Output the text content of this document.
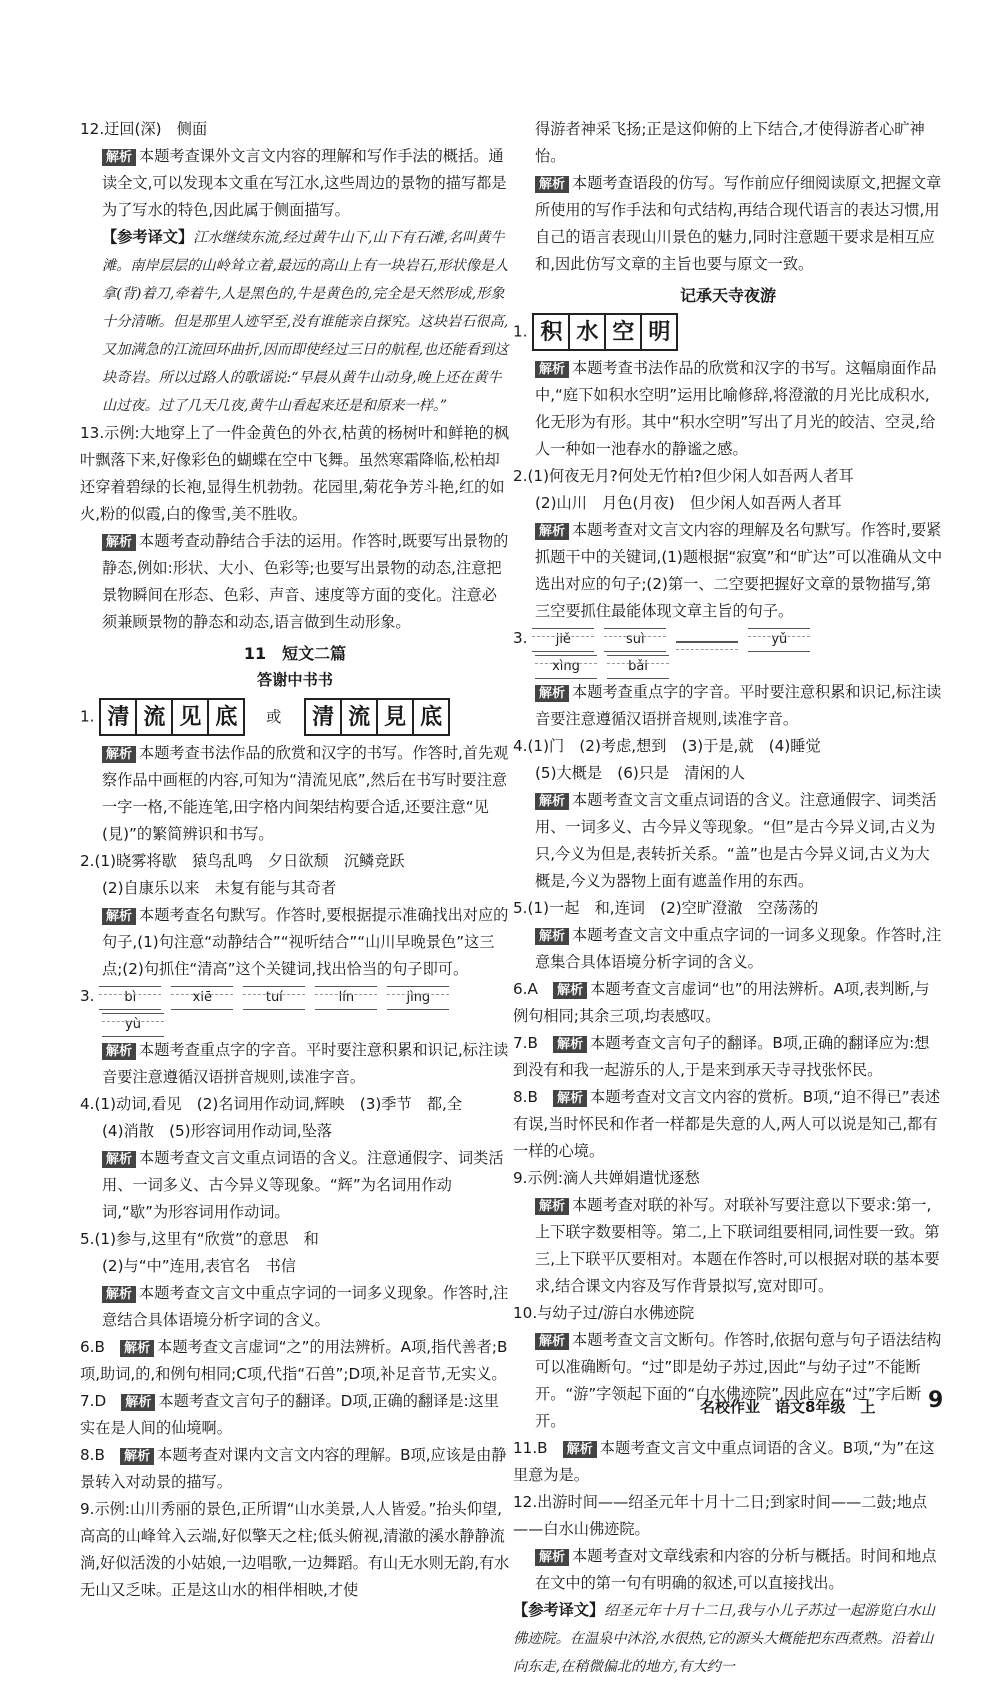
12.迂回(深)　侧面

解析 本题考查课外文言文内容的理解和写作手法的概括。通读全文,可以发现本文重在写江水,这些周边的景物的描写都是为了写水的特色,因此属于侧面描写。

【参考译文】江水继续东流,经过黄牛山下,山下有石滩,名叫黄牛滩。南岸层层的山岭耸立着,最远的高山上有一块岩石,形状像是人拿(背)着刀,牵着牛,人是黑色的,牛是黄色的,完全是天然形成,形象十分清晰。但是那里人迹罕至,没有谁能亲自探究。这块岩石很高,又加满急的江流回环曲折,因而即使经过三日的航程,也还能看到这块奇岩。所以过路人的歌谣说:“早晨从黄牛山动身,晚上还在黄牛山过夜。过了几天几夜,黄牛山看起来还是和原来一样。”

13.示例:大地穿上了一件金黄色的外衣,枯黄的杨树叶和鲜艳的枫叶飘落下来,好像彩色的蝴蝶在空中飞舞。虽然寒霜降临,松柏却还穿着碧绿的长袍,显得生机勃勃。花园里,菊花争芳斗艳,红的如火,粉的似霞,白的像雪,美不胜收。

解析 本题考查动静结合手法的运用。作答时,既要写出景物的静态,例如:形状、大小、色彩等;也要写出景物的动态,注意把景物瞬间在形态、色彩、声音、速度等方面的变化。注意必须兼顾景物的静态和动态,语言做到生动形象。

11　短文二篇

答谢中书书

1. 清 流 见 底 或 清 流 見 底

解析 本题考查书法作品的欣赏和汉字的书写。作答时,首先观察作品中画框的内容,可知为“清流见底”,然后在书写时要注意一字一格,不能连笔,田字格内间架结构要合适,还要注意“见(見)”的繁简辨识和书写。

2.(1)晓雾将歇　猿鸟乱鸣　夕日欲颓　沉鳞竞跃

(2)自康乐以来　未复有能与其奇者

解析 本题考查名句默写。作答时,要根据提示准确找出对应的句子,(1)句注意“动静结合”“视听结合”“山川早晚景色”这三点;(2)句抓住“清高”这个关键词,找出恰当的句子即可。

3. bì	xiē	tuí	lín	jìng

yù

解析 本题考查重点字的字音。平时要注意积累和识记,标注读音要注意遵循汉语拼音规则,读准字音。

4.(1)动词,看见　(2)名词用作动词,辉映　(3)季节　都,全

(4)消散　(5)形容词用作动词,坠落

解析 本题考查文言文重点词语的含义。注意通假字、词类活用、一词多义、古今异义等现象。“辉”为名词用作动词,“歇”为形容词用作动词。

5.(1)参与,这里有“欣赏”的意思　和

(2)与“中”连用,表官名　书信

解析 本题考查文言文中重点字词的一词多义现象。作答时,注意结合具体语境分析字词的含义。

6.B　 解析 本题考查文言虚词“之”的用法辨析。A项,指代善者;B项,助词,的,和例句相同;C项,代指“石兽”;D项,补足音节,无实义。

7.D　 解析 本题考查文言句子的翻译。D项,正确的翻译是:这里实在是人间的仙境啊。

8.B　 解析 本题考查对课内文言文内容的理解。B项,应该是由静景转入对动景的描写。

9.示例:山川秀丽的景色,正所谓“山水美景,人人皆爱。”抬头仰望,高高的山峰耸入云端,好似擎天之柱;低头俯视,清澈的溪水静静流淌,好似活泼的小姑娘,一边唱歌,一边舞蹈。有山无水则无韵,有水无山又乏味。正是这山水的相伴相映,才使

得游者神采飞扬;正是这仰俯的上下结合,才使得游者心旷神怡。

解析 本题考查语段的仿写。写作前应仔细阅读原文,把握文章所使用的写作手法和句式结构,再结合现代语言的表达习惯,用自己的语言表现山川景色的魅力,同时注意题干要求是相互应和,因此仿写文章的主旨也要与原文一致。

记承天寺夜游

1. 积 水 空 明

解析 本题考查书法作品的欣赏和汉字的书写。这幅扇面作品中,“庭下如积水空明”运用比喻修辞,将澄澈的月光比成积水,化无形为有形。其中“积水空明”写出了月光的皎洁、空灵,给人一种如一池春水的静谧之感。

2.(1)何夜无月?何处无竹柏?但少闲人如吾两人者耳

(2)山川　月色(月夜)　但少闲人如吾两人者耳

解析 本题考查对文言文内容的理解及名句默写。作答时,要紧抓题干中的关键词,(1)题根据“寂寞”和“旷达”可以准确从文中选出对应的句子;(2)第一、二空要把握好文章的景物描写,第三空要抓住最能体现文章主旨的句子。

3. jiě	suì	yǔ

xìng	bǎi

解析 本题考查重点字的字音。平时要注意积累和识记,标注读音要注意遵循汉语拼音规则,读准字音。

4.(1)门　(2)考虑,想到　(3)于是,就　(4)睡觉

(5)大概是　(6)只是　清闲的人

解析 本题考查文言文重点词语的含义。注意通假字、词类活用、一词多义、古今异义等现象。“但”是古今异义词,古义为只,今义为但是,表转折关系。“盖”也是古今异义词,古义为大概是,今义为器物上面有遮盖作用的东西。

5.(1)一起　和,连词　(2)空旷澄澈　空荡荡的

解析 本题考查文言文中重点字词的一词多义现象。作答时,注意集合具体语境分析字词的含义。

6.A　 解析 本题考查文言虚词“也”的用法辨析。A项,表判断,与例句相同;其余三项,均表感叹。

7.B　 解析 本题考查文言句子的翻译。B项,正确的翻译应为:想到没有和我一起游乐的人,于是来到承天寺寻找张怀民。

8.B　 解析 本题考查对文言文内容的赏析。B项,“迫不得已”表述有误,当时怀民和作者一样都是失意的人,两人可以说是知己,都有一样的心境。

9.示例:滴人共婵娟遣忧逐愁

解析 本题考查对联的补写。对联补写要注意以下要求:第一,上下联字数要相等。第二,上下联词组要相同,词性要一致。第三,上下联平仄要相对。本题在作答时,可以根据对联的基本要求,结合课文内容及写作背景拟写,宽对即可。

10.与幼子过/游白水佛迹院

解析 本题考查文言文断句。作答时,依据句意与句子语法结构可以准确断句。“过”即是幼子苏过,因此“与幼子过”不能断开。“游”字领起下面的“白水佛迹院”,因此应在“过”字后断开。

11.B　 解析 本题考查文言文中重点词语的含义。B项,“为”在这里意为是。

12.出游时间——绍圣元年十月十二日;到家时间——二鼓;地点——白水山佛迹院。

解析 本题考查对文章线索和内容的分析与概括。时间和地点在文中的第一句有明确的叙述,可以直接找出。

【参考译文】绍圣元年十月十二日,我与小儿子苏过一起游览白水山佛迹院。在温泉中沐浴,水很热,它的源头大概能把东西煮熟。沿着山向东走,在稍微偏北的地方,有大约一

名校作业　 语文8年级　 上 9
